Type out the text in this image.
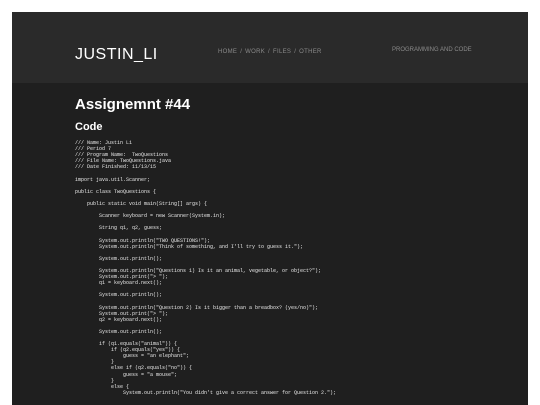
JUSTIN_LI	HOME / WORK / FILES / OTHER	PROGRAMMING AND CODE
Assignemnt #44
Code
/// Name: Justin Li
/// Period 7
/// Program Name:  TwoQuestions
/// File Name: TwoQuestions.java
/// Date Finished: 11/13/15
import java.util.Scanner;
public class TwoQuestions {
public static void main(String[] args) {
Scanner keyboard = new Scanner(System.in);
String q1, q2, guess;
System.out.println("TWO QUESTIONS!");
System.out.println("Think of something, and I'll try to guess it.");
System.out.println();
System.out.println("Questions 1) Is it an animal, vegetable, or object?");
System.out.print("> ");
q1 = keyboard.next();
System.out.println();
System.out.println("Question 2) Is it bigger than a breadbox? (yes/no)");
System.out.print("> ");
q2 = keyboard.next();
System.out.println();
if (q1.equals("animal")) {
if (q2.equals("yes")) {
guess = "an elephant";
}
else if (q2.equals("no")) {
guess = "a mouse";
}
else {
System.out.println("You didn't give a correct answer for Question 2.");
